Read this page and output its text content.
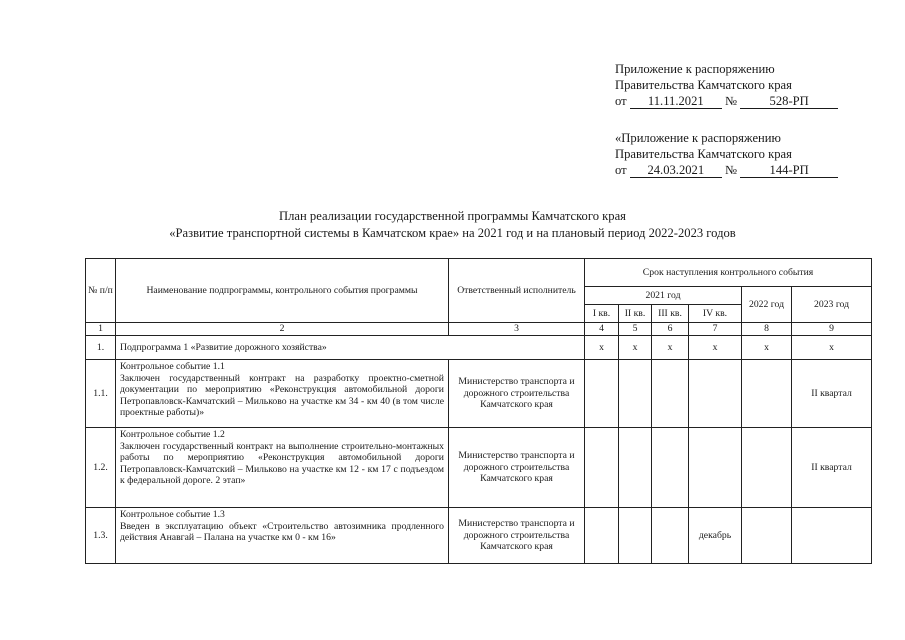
Приложение к распоряжению
Правительства Камчатского края
от 11.11.2021 №	528-РП
«Приложение к распоряжению
Правительства Камчатского края
от 24.03.2021 №	144-РП
План реализации государственной программы Камчатского края
«Развитие транспортной системы в Камчатском крае» на 2021 год и на плановый период 2022-2023 годов
№ п/п	Наименование подпрограммы, контрольного события программы	Ответственный исполнитель	Срок наступления контрольного события					
			2021 год				2022 год	2023 год
			I кв.	II кв.	III кв.	IV кв.		
1	2	3	4	5	6	7	8	9
1.	Подпрограмма 1 «Развитие дорожного хозяйства»		х	х	х	х	х	х
1.1.	Контрольное событие 1.1
Заключен государственный контракт на разработку проектно-сметной документации по мероприятию «Реконструкция автомобильной дороги Петропавловск-Камчатский – Мильково на участке км 34 - км 40 (в том числе проектные работы)»	Министерство транспорта и дорожного строительства Камчатского края						II квартал
1.2.	Контрольное событие 1.2
Заключен государственный контракт на выполнение строительно-монтажных работы по мероприятию «Реконструкция автомобильной дороги Петропавловск-Камчатский – Мильково на участке км 12 - км 17 с подъездом к федеральной дороге. 2 этап»	Министерство транспорта и дорожного строительства Камчатского края						II квартал
1.3.	Контрольное событие 1.3
Введен в эксплуатацию объект «Строительство автозимника продленного действия Анавгай – Палана на участке км 0 - км 16»	Министерство транспорта и дорожного строительства Камчатского края				декабрь		
